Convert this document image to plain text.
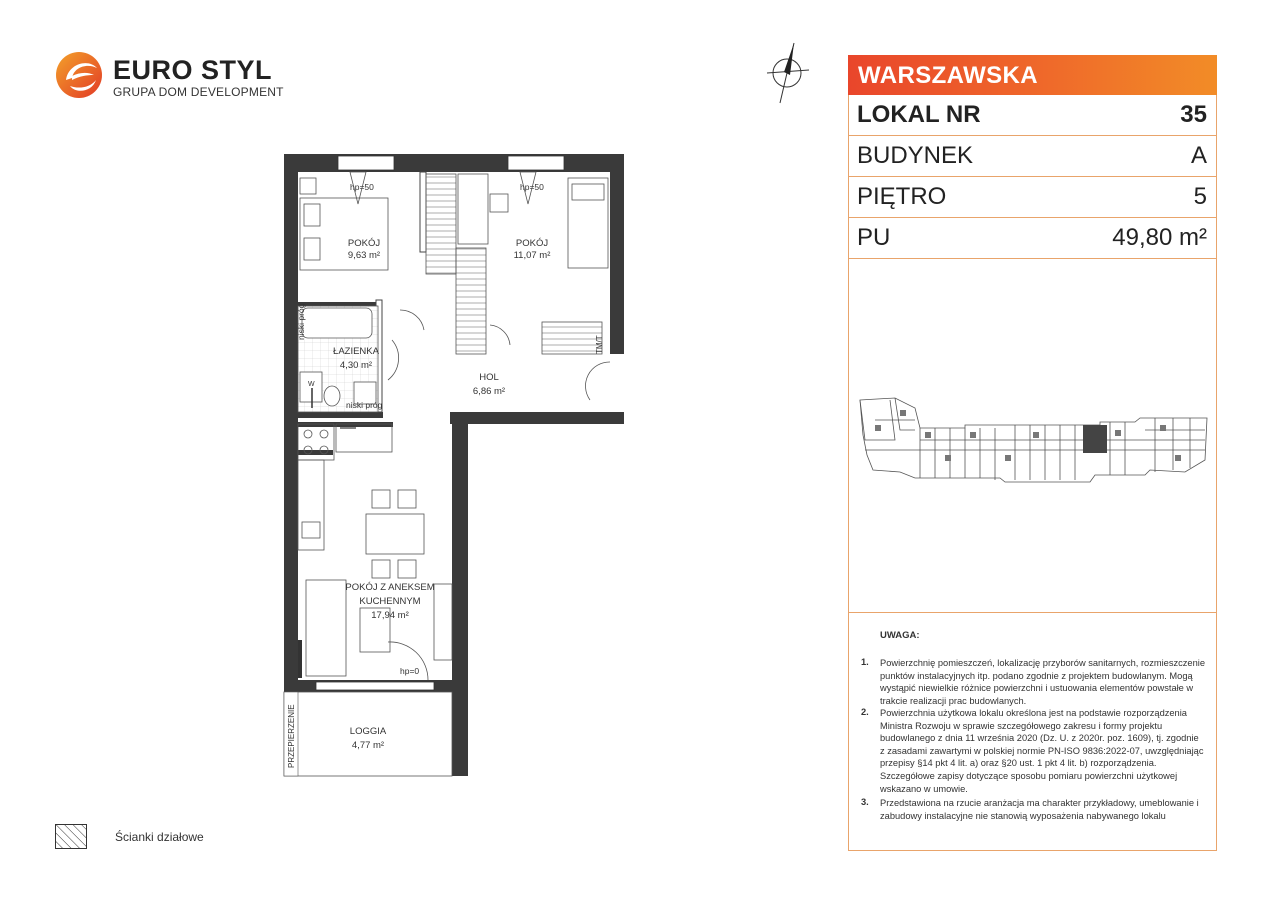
EURO STYL
GRUPA DOM DEVELOPMENT
WARSZAWSKA
LOKAL NR	35
BUDYNEK	A
PIĘTRO	5
PU	49,80 m²
UWAGA:
1. Powierzchnię pomieszczeń, lokalizację przyborów sanitarnych, rozmieszczenie punktów instalacyjnych itp. podano zgodnie z projektem budowlanym. Mogą wystąpić niewielkie różnice powierzchni i ustuowania elementów powstałe w trakcie realizacji prac budowlanych.
2. Powierzchnia użytkowa lokalu określona jest na podstawie rozporządzenia Ministra Rozwoju w sprawie szczegółowego zakresu i formy projektu budowlanego z dnia 11 września 2020 (Dz. U. z 2020r. poz. 1609), tj. zgodnie z zasadami zawartymi w polskiej normie PN-ISO 9836:2022-07, uwzględniając przepisy §14 pkt 4 lit. a) oraz §20 ust. 1 pkt 4 lit. b) rozporządzenia. Szczegółowe zapisy dotyczące sposobu pomiaru powierzchni użytkowej wskazano w umowie.
3. Przedstawiona na rzucie aranżacja ma charakter przykładowy, umeblowanie i zabudowy instalacyjne nie stanowią wyposażenia nabywanego lokalu
Ścianki działowe
POKÓJ
9,63 m²
POKÓJ
11,07 m²
ŁAZIENKA
4,30 m²
HOL
6,86 m²
POKÓJ Z ANEKSEM
KUCHENNYM
17,94 m²
LOGGIA
4,77 m²
hp=50	hp=50
hp=0
niski próg
niski próg
PRZEPIERZENIE
TM/T
W
